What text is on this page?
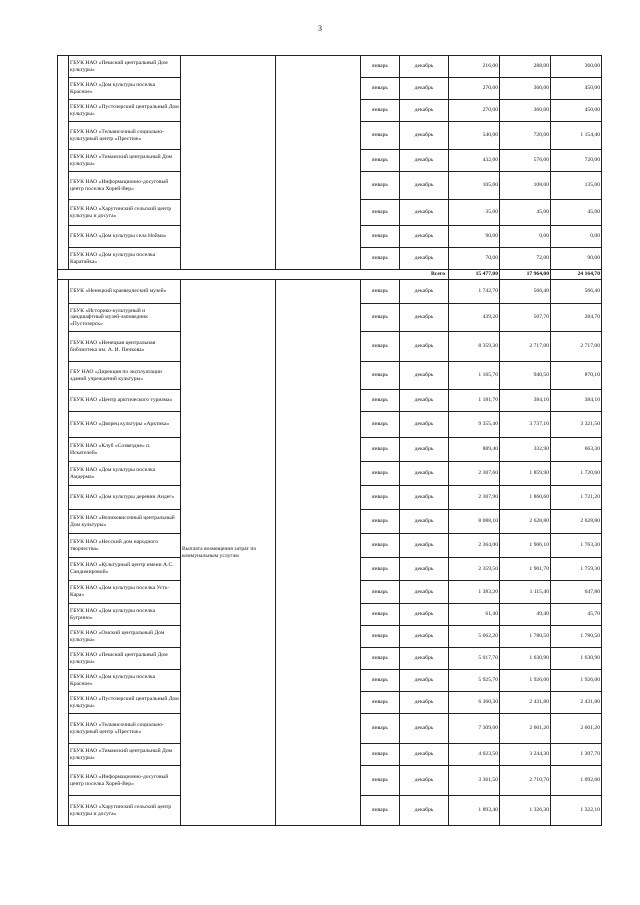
3
	ГБУК НАО «Пешский центральный Дом культуры»			январь	декабрь	216,00	288,00	360,00
	ГБУК НАО «Дом культуры поселка Красное»			январь	декабрь	270,00	360,00	450,00
	ГБУК НАО «Пустозерский центральный Дом культуры»			январь	декабрь	270,00	360,00	450,00
	ГБУК НАО «Тельвисочный социально-культурный центр «Престиж»			январь	декабрь	540,00	720,00	1 154,40
	ГБУК НАО «Тиманский центральный Дом культуры»			январь	декабрь	432,00	576,00	720,00
	ГБУК НАО «Информационно-досуговый центр поселка Хорей-Вер»			январь	декабрь	105,00	108,00	135,00
	ГБУК НАО «Харутинский сельский центр культуры и досуга»			январь	декабрь	35,00	45,00	45,00
	ГБУК НАО «Дом культуры села Нойма»			январь	декабрь	90,00	0,00	0,00
	ГБУК НАО «Дом культуры поселка Каратайка»			январь	декабрь	70,00	72,00	90,00
Всего						15 477,00	17 964,00	24 164,70
	ГБУК «Ненецкий краеведческий музей»	Выплата возмещения затрат по коммунальным услугам		январь	декабрь	1 742,70	566,40	566,40
	ГБУК «Историко-культурный и ландшафтный музей-заповедник «Пустозерск»			январь	декабрь	439,20	507,70	284,70
	ГБУК НАО «Ненецкая центральная библиотека им. А. И. Пичкова»			январь	декабрь	8 359,30	2 717,00	2 717,00
	ГБУ НАО «Дирекция по эксплуатации зданий учреждений культуры»			январь	декабрь	1 165,70	940,50	870,10
	ГБУК НАО «Центр арктического туризма»			январь	декабрь	1 181,70	384,10	384,10
	ГБУК НАО «Дворец культуры «Арктика»			январь	декабрь	9 355,40	3 737,10	3 321,50
	ГБУК НАО «Клуб «Созвездие» п. Искателей»			январь	декабрь	889,40	332,90	663,30
	ГБУК НАО «Дом культуры поселка Амдерма»			январь	декабрь	2 307,60	1 859,90	1 720,60
	ГБУК НАО «Дом культуры деревни Андег»			январь	декабрь	2 307,90	1 860,60	1 721,20
	ГБУК НАО «Великовисочный центральный Дом культуры»			январь	декабрь	8 088,10	2 628,80	2 628,80
	ГБУК НАО «Несский дом народного творчества»			январь	декабрь	2 364,00	1 906,10	1 763,30
	ГБУК НАО «Культурный центр имени А.С. Сандимировой»			январь	декабрь	2 359,50	1 901,70	1 759,30
	ГБУК НАО «Дом культуры поселка Усть-Кара»			январь	декабрь	1 383,20	1 115,40	647,80
	ГБУК НАО «Дом культуры поселка Бугрино»			январь	декабрь	61,40	49,40	45,70
	ГБУК НАО «Омский центральный Дом культуры»			январь	декабрь	5 662,20	1 780,50	1 780,50
	ГБУК НАО «Пешский центральный Дом культуры»			январь	декабрь	5 017,70	1 630,90	1 630,90
	ГБУК НАО «Дом культуры поселка Красное»			январь	декабрь	5 925,70	1 926,00	1 926,00
	ГБУК НАО «Пустозерский центральный Дом культуры»			январь	декабрь	6 360,30	2 431,80	2 431,80
	ГБУК НАО «Тельвисочный социально-культурный центр «Престиж»			январь	декабрь	7 309,00	2 601,20	2 601,20
	ГБУК НАО «Тиманский центральный Дом культуры»			январь	декабрь	4 023,50	3 244,30	1 307,70
	ГБУК НАО «Информационно-досуговый центр поселка Хорей-Вер»			январь	декабрь	3 361,50	2 710,70	1 092,60
	ГБУК НАО «Харутинский сельский центр культуры и досуга»			январь	декабрь	1 893,40	1 326,30	1 322,10
